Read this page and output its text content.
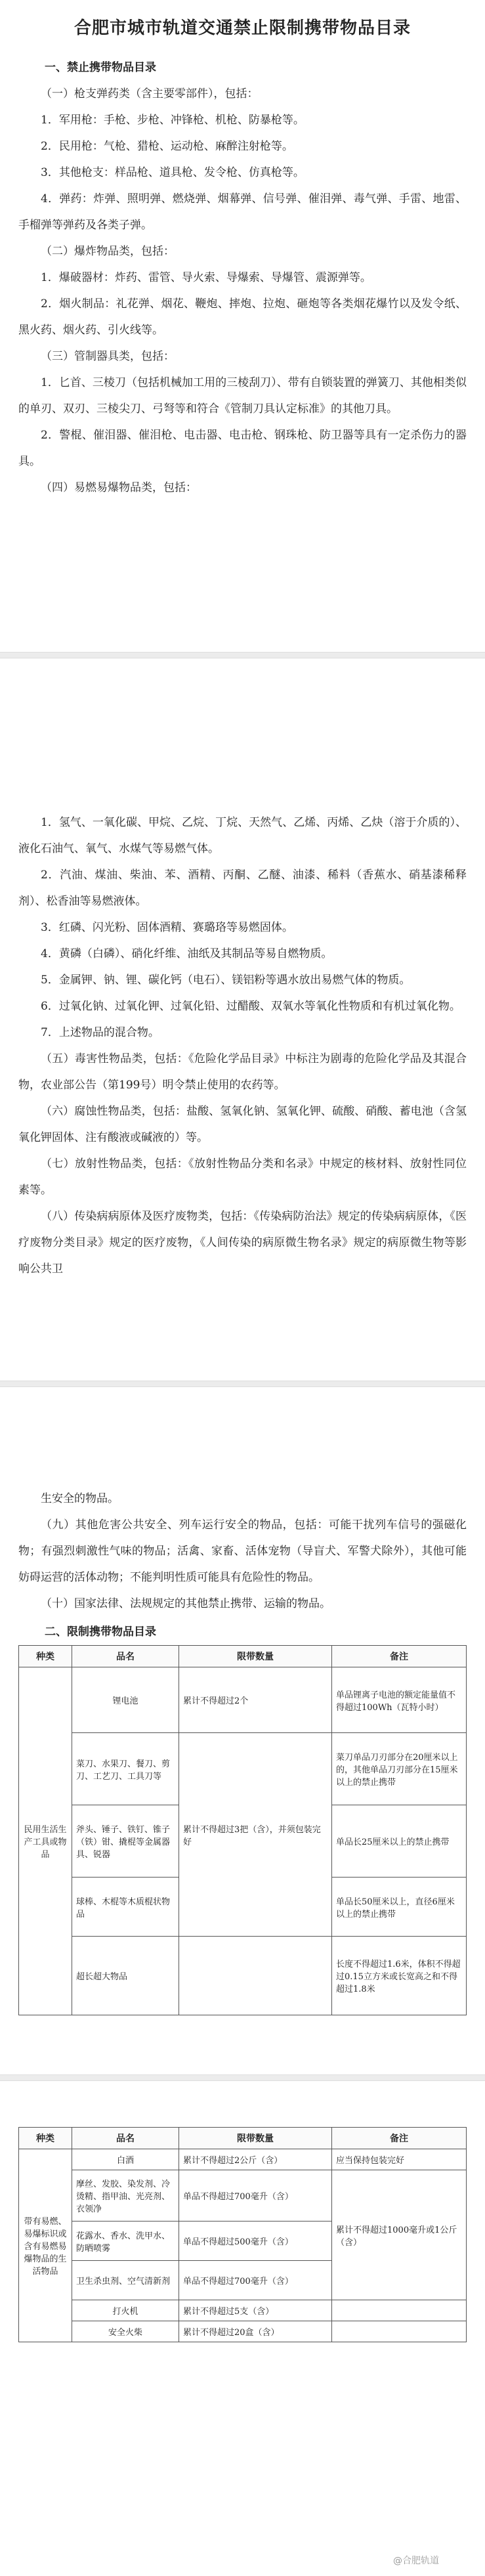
合肥市城市轨道交通禁止限制携带物品目录
一、禁止携带物品目录

（一）枪支弹药类（含主要零部件），包括：

1．军用枪：手枪、步枪、冲锋枪、机枪、防暴枪等。

2．民用枪：气枪、猎枪、运动枪、麻醉注射枪等。

3．其他枪支：样品枪、道具枪、发令枪、仿真枪等。

4．弹药：炸弹、照明弹、燃烧弹、烟幕弹、信号弹、催泪弹、毒气弹、手雷、地雷、手榴弹等弹药及各类子弹。

（二）爆炸物品类，包括：

1．爆破器材：炸药、雷管、导火索、导爆索、导爆管、震源弹等。

2．烟火制品：礼花弹、烟花、鞭炮、摔炮、拉炮、砸炮等各类烟花爆竹以及发令纸、黑火药、烟火药、引火线等。

（三）管制器具类，包括：

1．匕首、三棱刀（包括机械加工用的三棱刮刀）、带有自锁装置的弹簧刀、其他相类似的单刃、双刃、三棱尖刀、弓弩等和符合《管制刀具认定标准》的其他刀具。

2．警棍、催泪器、催泪枪、电击器、电击枪、钢珠枪、防卫器等具有一定杀伤力的器具。

（四）易燃易爆物品类，包括：

1．氢气、一氧化碳、甲烷、乙烷、丁烷、天然气、乙烯、丙烯、乙炔（溶于介质的）、液化石油气、氧气、水煤气等易燃气体。

2．汽油、煤油、柴油、苯、酒精、丙酮、乙醚、油漆、稀料（香蕉水、硝基漆稀释剂）、松香油等易燃液体。

3．红磷、闪光粉、固体酒精、赛璐珞等易燃固体。

4．黄磷（白磷）、硝化纤维、油纸及其制品等易自燃物质。

5．金属钾、钠、锂、碳化钙（电石）、镁铝粉等遇水放出易燃气体的物质。

6．过氧化钠、过氧化钾、过氧化铅、过醋酸、双氧水等氧化性物质和有机过氧化物。

7．上述物品的混合物。

（五）毒害性物品类，包括：《危险化学品目录》中标注为剧毒的危险化学品及其混合物，农业部公告（第199号）明令禁止使用的农药等。

（六）腐蚀性物品类，包括：盐酸、氢氧化钠、氢氧化钾、硫酸、硝酸、蓄电池（含氢氧化钾固体、注有酸液或碱液的）等。

（七）放射性物品类，包括：《放射性物品分类和名录》中规定的核材料、放射性同位素等。

（八）传染病病原体及医疗废物类，包括：《传染病防治法》规定的传染病病原体，《医疗废物分类目录》规定的医疗废物，《人间传染的病原微生物名录》规定的病原微生物等影响公共卫

生安全的物品。

（九）其他危害公共安全、列车运行安全的物品，包括：可能干扰列车信号的强磁化物；有强烈刺激性气味的物品；活禽、家畜、活体宠物（导盲犬、军警犬除外），其他可能妨碍运营的活体动物；不能判明性质可能具有危险性的物品。

（十）国家法律、法规规定的其他禁止携带、运输的物品。

二、限制携带物品目录
种类	品名	限带数量	备注
民用生活生产工具或物品	锂电池	累计不得超过2个	单品锂离子电池的额定能量值不得超过100Wh（瓦特小时）
	菜刀、水果刀、餐刀、剪刀、工艺刀、工具刀等	累计不得超过3把（含），并须包装完好	菜刀单品刀刃部分在20厘米以上的，其他单品刀刃部分在15厘米以上的禁止携带
	斧头、锤子、铁钉、锥子（铁）钳、撬棍等金属器具、锐器		单品长25厘米以上的禁止携带
	球棒、木棍等木质棍状物品		单品长50厘米以上，直径6厘米以上的禁止携带
	超长超大物品		长度不得超过1.6米，体积不得超过0.15立方米或长宽高之和不得超过1.8米
种类	品名	限带数量	备注
带有易燃、易爆标识或含有易燃易爆物品的生活物品	白酒	累计不得超过2公斤（含）	应当保持包装完好
	摩丝、发胶、染发剂、冷烫精、指甲油、光亮剂、衣领净	单品不得超过700毫升（含）	累计不得超过1000毫升或1公斤（含）
	花露水、香水、洗甲水、防晒喷雾	单品不得超过500毫升（含）	
	卫生杀虫剂、空气清新剂	单品不得超过700毫升（含）	
	打火机	累计不得超过5支（含）	
	安全火柴	累计不得超过20盒（含）	
@合肥轨道
